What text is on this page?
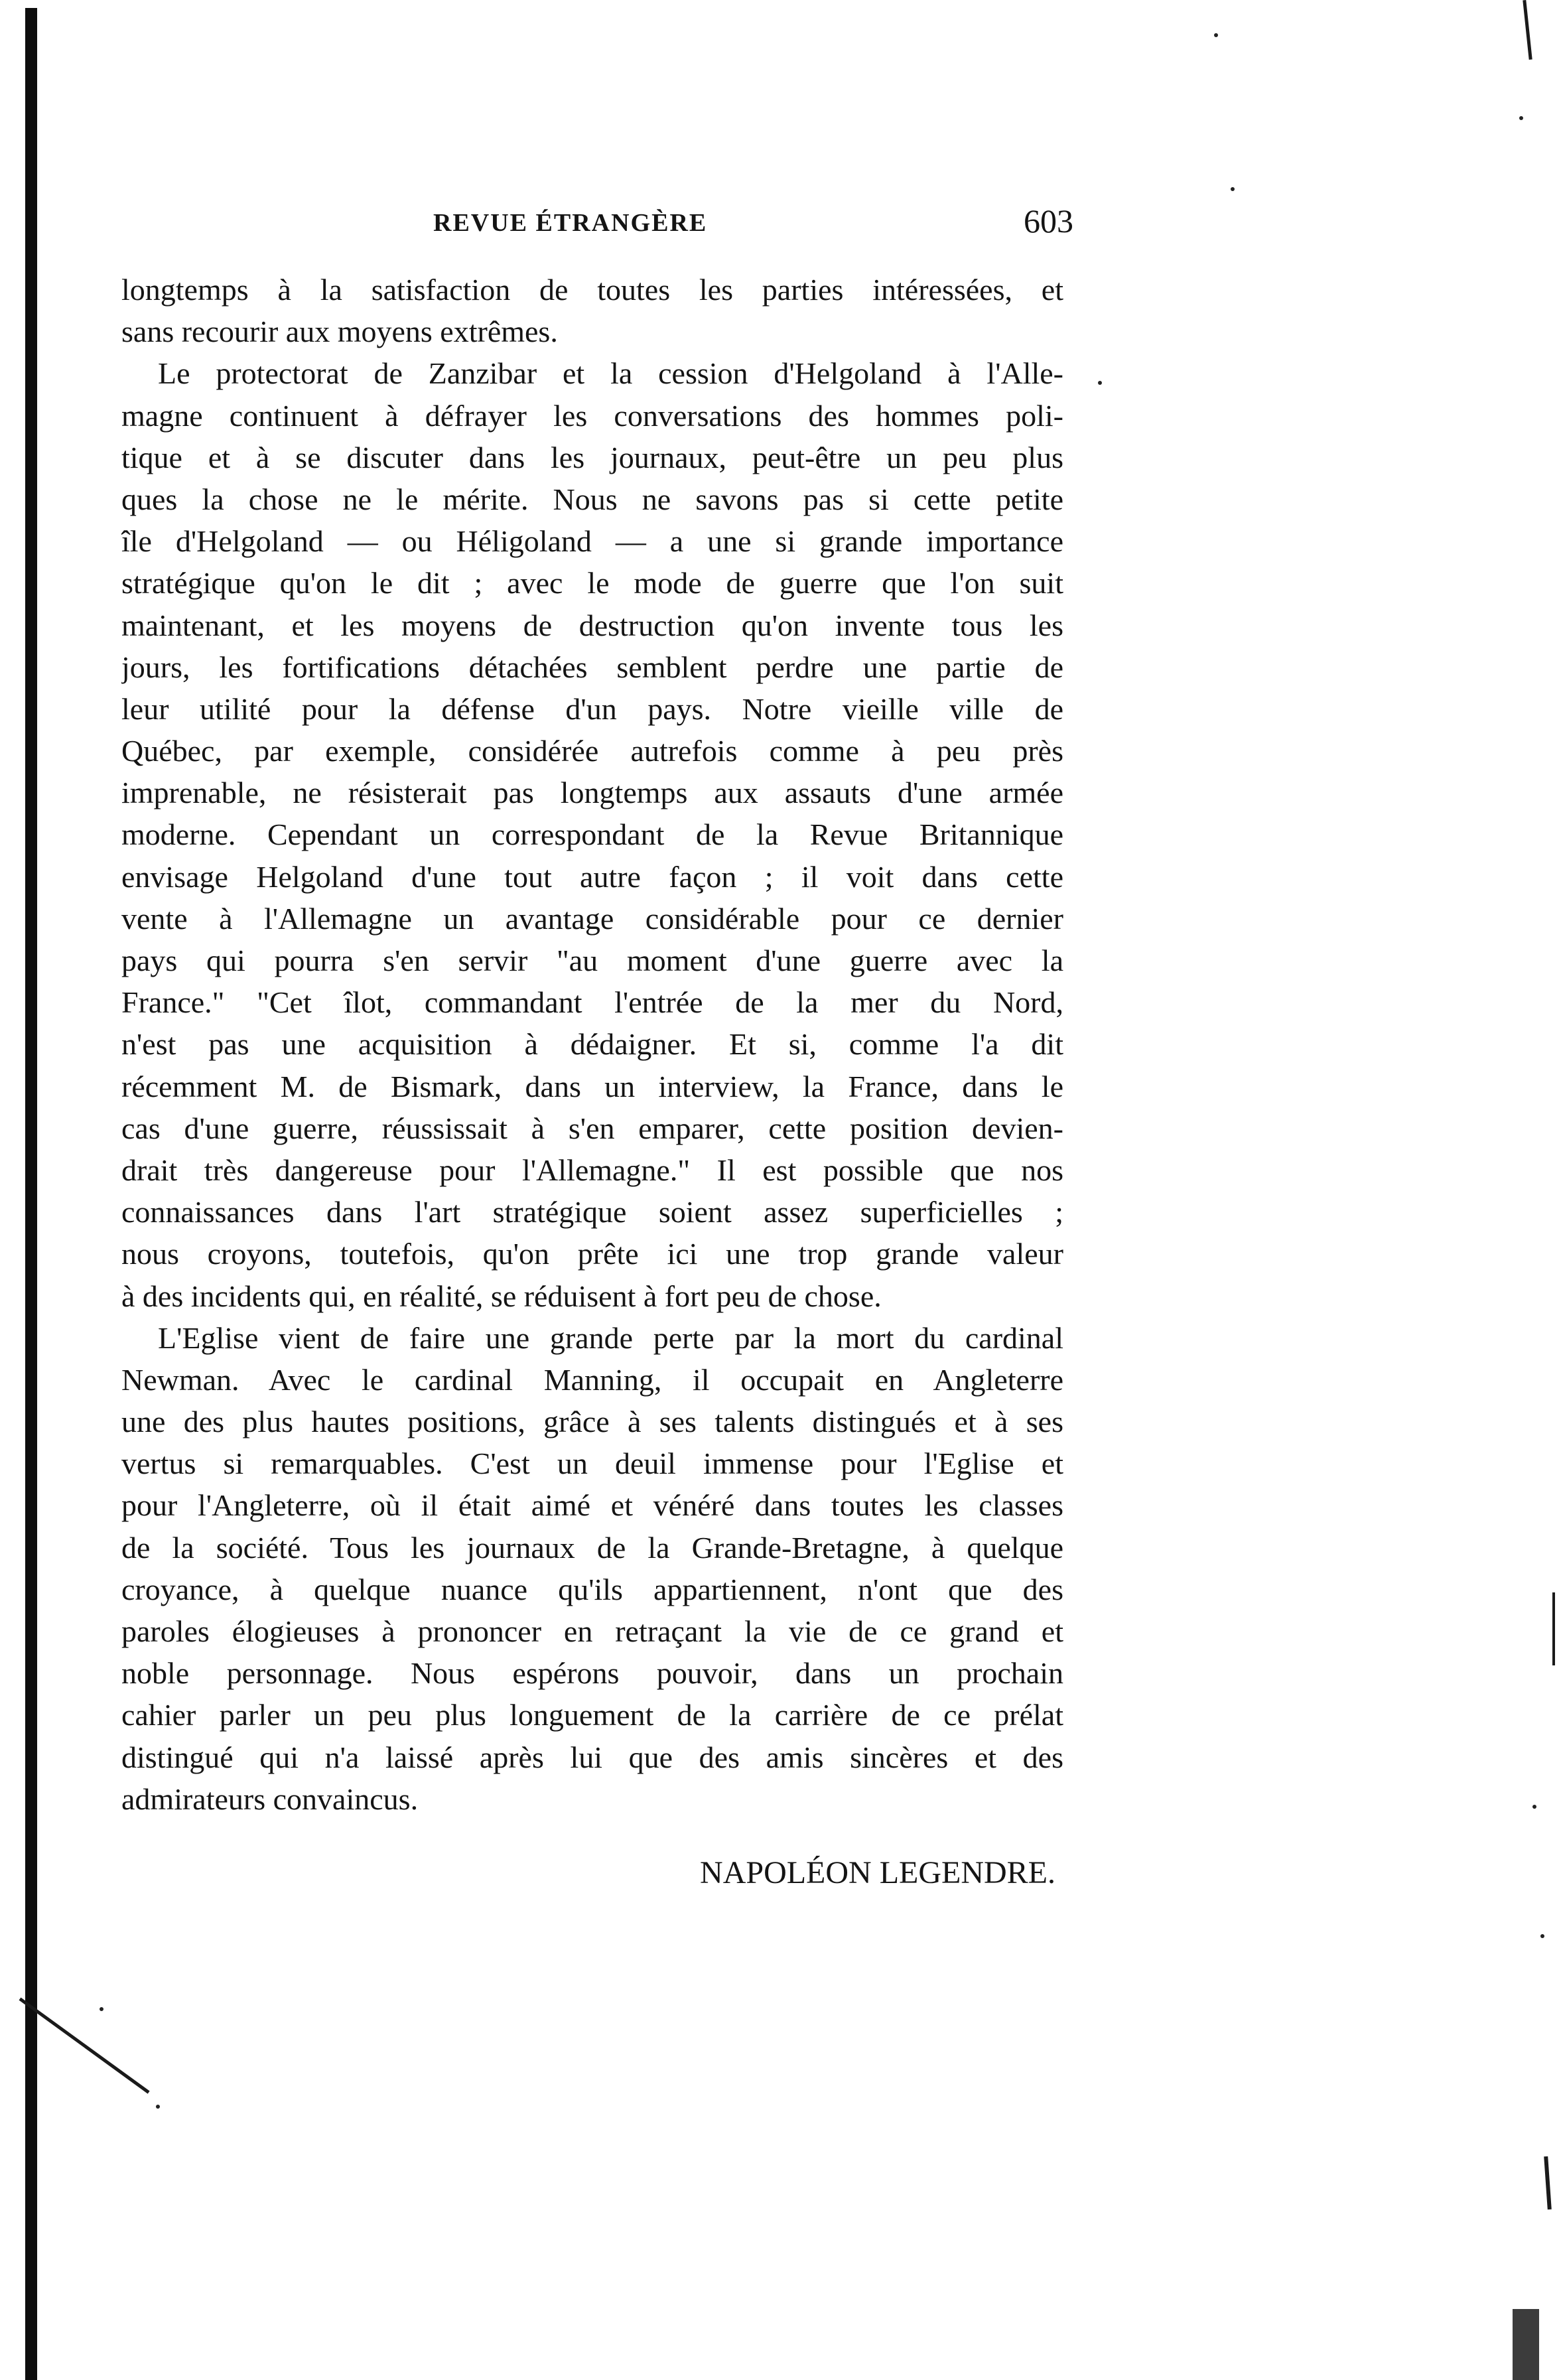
REVUE ÉTRANGÈRE	603
longtemps à la satisfaction de toutes les parties intéressées, et
sans recourir aux moyens extrêmes.
Le protectorat de Zanzibar et la cession d'Helgoland à l'Alle-
magne continuent à défrayer les conversations des hommes poli-
tique et à se discuter dans les journaux, peut-être un peu plus
ques la chose ne le mérite. Nous ne savons pas si cette petite
île d'Helgoland — ou Héligoland — a une si grande importance
stratégique qu'on le dit ; avec le mode de guerre que l'on suit
maintenant, et les moyens de destruction qu'on invente tous les
jours, les fortifications détachées semblent perdre une partie de
leur utilité pour la défense d'un pays. Notre vieille ville de
Québec, par exemple, considérée autrefois comme à peu près
imprenable, ne résisterait pas longtemps aux assauts d'une armée
moderne. Cependant un correspondant de la Revue Britannique
envisage Helgoland d'une tout autre façon ; il voit dans cette
vente à l'Allemagne un avantage considérable pour ce dernier
pays qui pourra s'en servir "au moment d'une guerre avec la
France." "Cet îlot, commandant l'entrée de la mer du Nord,
n'est pas une acquisition à dédaigner. Et si, comme l'a dit
récemment M. de Bismark, dans un interview, la France, dans le
cas d'une guerre, réussissait à s'en emparer, cette position devien-
drait très dangereuse pour l'Allemagne." Il est possible que nos
connaissances dans l'art stratégique soient assez superficielles ;
nous croyons, toutefois, qu'on prête ici une trop grande valeur
à des incidents qui, en réalité, se réduisent à fort peu de chose.
L'Eglise vient de faire une grande perte par la mort du cardinal
Newman. Avec le cardinal Manning, il occupait en Angleterre
une des plus hautes positions, grâce à ses talents distingués et à ses
vertus si remarquables. C'est un deuil immense pour l'Eglise et
pour l'Angleterre, où il était aimé et vénéré dans toutes les classes
de la société. Tous les journaux de la Grande-Bretagne, à quelque
croyance, à quelque nuance qu'ils appartiennent, n'ont que des
paroles élogieuses à prononcer en retraçant la vie de ce grand et
noble personnage. Nous espérons pouvoir, dans un prochain
cahier parler un peu plus longuement de la carrière de ce prélat
distingué qui n'a laissé après lui que des amis sincères et des
admirateurs convaincus.
NAPOLÉON LEGENDRE.
